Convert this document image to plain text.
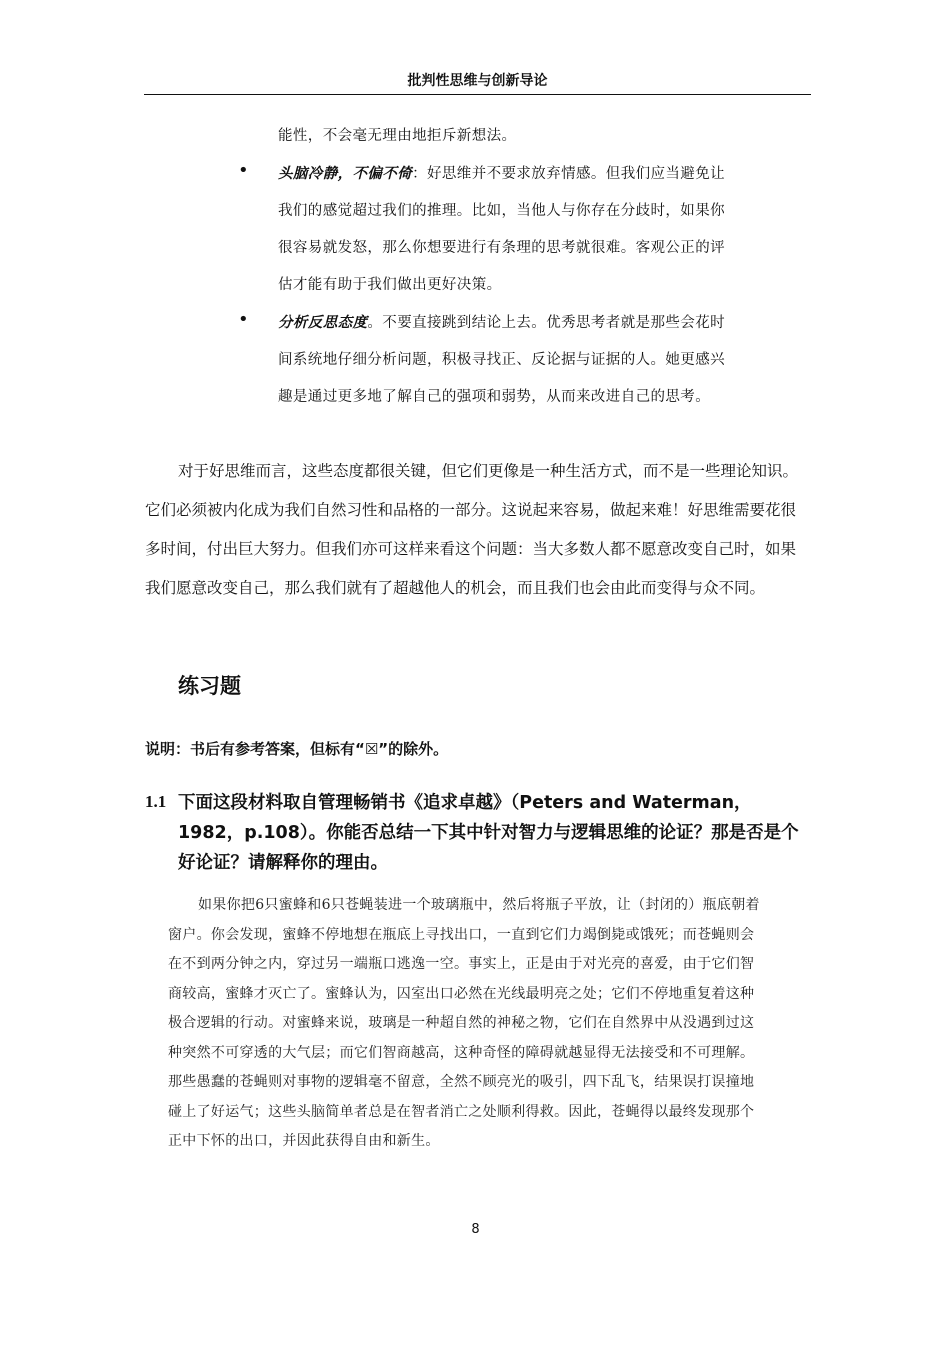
批判性思维与创新导论
能性，不会毫无理由地拒斥新想法。
• 头脑冷静，不偏不倚：好思维并不要求放弃情感。但我们应当避免让我们的感觉超过我们的推理。比如，当他人与你存在分歧时，如果你很容易就发怒，那么你想要进行有条理的思考就很难。客观公正的评估才能有助于我们做出更好决策。
• 分析反思态度。不要直接跳到结论上去。优秀思考者就是那些会花时间系统地仔细分析问题，积极寻找正、反论据与证据的人。她更感兴趣是通过更多地了解自己的强项和弱势，从而来改进自己的思考。
对于好思维而言，这些态度都很关键，但它们更像是一种生活方式，而不是一些理论知识。它们必须被内化成为我们自然习性和品格的一部分。这说起来容易，做起来难！好思维需要花很多时间，付出巨大努力。但我们亦可这样来看这个问题：当大多数人都不愿意改变自己时，如果我们愿意改变自己，那么我们就有了超越他人的机会，而且我们也会由此而变得与众不同。
练习题
说明：书后有参考答案，但标有“☒”的除外。
1.1 下面这段材料取自管理畅销书《追求卓越》（Peters and Waterman，1982，p.108）。你能否总结一下其中针对智力与逻辑思维的论证？那是否是个好论证？请解释你的理由。
如果你把6只蜜蜂和6只苍蝇装进一个玻璃瓶中，然后将瓶子平放，让（封闭的）瓶底朝着窗户。你会发现，蜜蜂不停地想在瓶底上寻找出口，一直到它们力竭倒毙或饿死；而苍蝇则会在不到两分钟之内，穿过另一端瓶口逃逸一空。事实上，正是由于对光亮的喜爱，由于它们智商较高，蜜蜂才灭亡了。蜜蜂认为，囚室出口必然在光线最明亮之处；它们不停地重复着这种极合逻辑的行动。对蜜蜂来说，玻璃是一种超自然的神秘之物，它们在自然界中从没遇到过这种突然不可穿透的大气层；而它们智商越高，这种奇怪的障碍就越显得无法接受和不可理解。那些愚蠢的苍蝇则对事物的逻辑毫不留意，全然不顾亮光的吸引，四下乱飞，结果误打误撞地碰上了好运气；这些头脑简单者总是在智者消亡之处顺利得救。因此，苍蝇得以最终发现那个正中下怀的出口，并因此获得自由和新生。
8
